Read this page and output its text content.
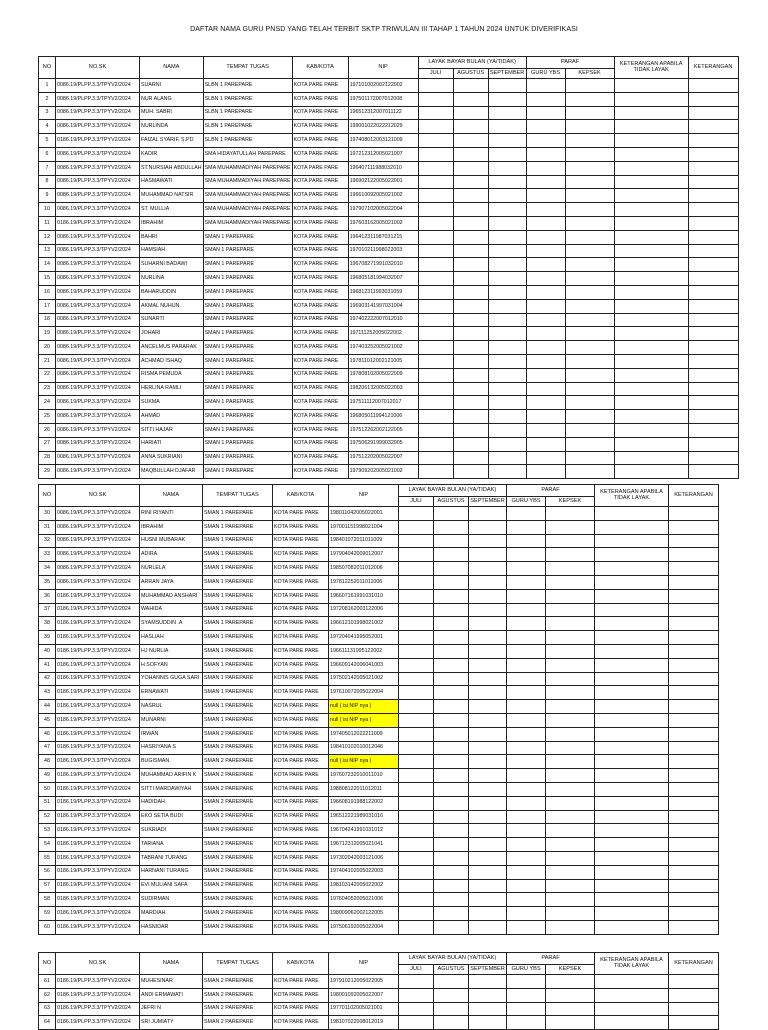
DAFTAR NAMA GURU PNSD YANG TELAH TERBIT SKTP TRIWULAN III TAHAP 1 TAHUN 2024 UNTUK DIVERIFIKASI
NO	NO.SK	NAMA	TEMPAT TUGAS	KAB/KOTA	NIP	LAYAK BAYAR BULAN (YA/TIDAK)			PARAF		KETERANGAN APABILA TIDAK LAYAK	KETERANGAN
						JULI	AGUSTUS	SEPTEMBER	GURU YBS	KEPSEK		
1	0086.19/PLPP.3.3/TPYV2/2024	SUARNI	SLBN 1 PAREPARE	KOTA PARE PARE	197101002002122002							
2	0086.19/PLPP.3.3/TPYV2/2024	NUR ALANG	SLBN 1 PAREPARE	KOTA PARE PARE	197501172007012008							
3	0086.19/PLPP.3.3/TPYV2/2024	MUH. SABRI	SLBN 1 PAREPARE	KOTA PARE PARE	196512312007011122							
4	0086.19/PLPP.3.3/TPYV2/2024	NURLINDA	SLBN 1 PAREPARE	KOTA PARE PARE	199001022022212029							
5	0186.19/PLPP.3.3/TPYV2/2024	FAIZAL SYARIF, S.PD	SLBN 1 PAREPARE	KOTA PARE PARE	197408012003121009							
6	0086.19/PLPP.3.3/TPYV2/2024	KADIR	SMA HIDAYATULLAH PAREPARE	KOTA PARE PARE	197212312005021007							
7	0086.19/PLPP.3.3/TPYV2/2024	ST.NURSIAH ABDULLAH	SMA MUHAMMADIYAH PAREPARE	KOTA PARE PARE	196407111988032010							
8	0086.19/PLPP.3.3/TPYV2/2024	HASMAWATI	SMA MUHAMMADIYAH PAREPARE	KOTA PARE PARE	196902122005022001							
9	0086.19/PLPP.3.3/TPYV2/2024	MUHAMMAD NATSIR	SMA MUHAMMADIYAH PAREPARE	KOTA PARE PARE	196610092005021002							
10	0086.19/PLPP.3.3/TPYV2/2024	ST. MULLIA	SMA MUHAMMADIYAH PAREPARE	KOTA PARE PARE	197907102005022004							
11	0186.19/PLPP.3.3/TPYV2/2024	IBRAHIM	SMA MUHAMMADIYAH PAREPARE	KOTA PARE PARE	197603162005021002							
12	0086.19/PLPP.3.3/TPYV2/2024	BAHRI	SMAN 1 PAREPARE	KOTA PARE PARE	196412311987031215							
13	0086.19/PLPP.3.3/TPYV2/2024	HAMSIAH	SMAN 1 PAREPARE	KOTA PARE PARE	197010211998022003							
14	0086.19/PLPP.3.3/TPYV2/2024	SUHARNI BADAWI	SMAN 1 PAREPARE	KOTA PARE PARE	196708271991032010							
15	0086.19/PLPP.3.3/TPYV2/2024	NURLINA	SMAN 1 PAREPARE	KOTA PARE PARE	196805181994032007							
16	0086.19/PLPP.3.3/TPYV2/2024	BAHARUDDIN	SMAN 1 PAREPARE	KOTA PARE PARE	196812311993031059							
17	0086.19/PLPP.3.3/TPYV2/2024	AKMAL NUHUN	SMAN 1 PAREPARE	KOTA PARE PARE	196903141997031004							
18	0086.19/PLPP.3.3/TPYV2/2024	SUNARTI	SMAN 1 PAREPARE	KOTA PARE PARE	197402222007012010							
19	0086.19/PLPP.3.3/TPYV2/2024	JOHARI	SMAN 1 PAREPARE	KOTA PARE PARE	197111252005022002							
20	0086.19/PLPP.3.3/TPYV2/2024	ANCELMUS PARARAK	SMAN 1 PAREPARE	KOTA PARE PARE	197403252005021002							
21	0086.19/PLPP.3.3/TPYV2/2024	ACHMAD ISHAQ	SMAN 1 PAREPARE	KOTA PARE PARE	197811012002121005							
22	0086.19/PLPP.3.3/TPYV2/2024	RISMA PEMUDA	SMAN 1 PAREPARE	KOTA PARE PARE	197808102005022009							
23	0086.19/PLPP.3.3/TPYV2/2024	HERLINA RAMLI	SMAN 1 PAREPARE	KOTA PARE PARE	198206132005022003							
24	0086.19/PLPP.3.3/TPYV2/2024	SUKMA	SMAN 1 PAREPARE	KOTA PARE PARE	197511112007012017							
25	0086.19/PLPP.3.3/TPYV2/2024	AHMAD	SMAN 1 PAREPARE	KOTA PARE PARE	196805011994121006							
26	0086.19/PLPP.3.3/TPYV2/2024	SITTI HAJAR	SMAN 1 PAREPARE	KOTA PARE PARE	197512262002122005							
27	0086.19/PLPP.3.3/TPYV2/2024	HARIATI	SMAN 1 PAREPARE	KOTA PARE PARE	197506291999032005							
28	0086.19/PLPP.3.3/TPYV2/2024	ANNA SUKRIANI	SMAN 1 PAREPARE	KOTA PARE PARE	197512202005022007							
29	0086.19/PLPP.3.3/TPYV2/2024	MAQBULLAH DJAFAR	SMAN 1 PAREPARE	KOTA PARE PARE	197909202005021002							
NO	NO.SK	NAMA	TEMPAT TUGAS	KAB/KOTA	NIP	LAYAK BAYAR BULAN (YA/TIDAK)			PARAF		KETERANGAN APABILA TIDAK LAYAK	KETERANGAN
						JULI	AGUSTUS	SEPTEMBER	GURU YBS	KEPSEK		
30	0086.19/PLPP.3.3/TPYV2/2024	RINI RIYANTI	SMAN 1 PAREPARE	KOTA PARE PARE	198011042005022001							
31	0086.19/PLPP.3.3/TPYV2/2024	IBRAHIM	SMAN 1 PAREPARE	KOTA PARE PARE	197001151998021004							
32	0086.19/PLPP.3.3/TPYV2/2024	HUSNI MUBARAK	SMAN 1 PAREPARE	KOTA PARE PARE	198401072011011009							
33	0086.19/PLPP.3.3/TPYV2/2024	ADIRA	SMAN 1 PAREPARE	KOTA PARE PARE	197904042009012007							
34	0086.19/PLPP.3.3/TPYV2/2024	NURLELA	SMAN 1 PAREPARE	KOTA PARE PARE	198507082011012006							
35	0086.19/PLPP.3.3/TPYV2/2024	ARRAN JAYA	SMAN 1 PAREPARE	KOTA PARE PARE	197812252011011006							
36	0186.19/PLPP.3.3/TPYV2/2024	MUHAMMAD ANSHARI	SMAN 1 PAREPARE	KOTA PARE PARE	196607161991031010							
37	0186.19/PLPP.3.3/TPYV2/2024	WAHIDA	SMAN 1 PAREPARE	KOTA PARE PARE	197208162003122006							
38	0186.19/PLPP.3.3/TPYV2/2024	SYAMSUDDIN .A	SMAN 1 PAREPARE	KOTA PARE PARE	196612101998021002							
39	0186.19/PLPP.3.3/TPYV2/2024	HASLIAH	SMAN 1 PAREPARE	KOTA PARE PARE	197204041995052001							
40	0186.19/PLPP.3.3/TPYV2/2024	HJ NURLIA	SMAN 1 PAREPARE	KOTA PARE PARE	196611131995122002							
41	0186.19/PLPP.3.3/TPYV2/2024	H.SOFYAN	SMAN 1 PAREPARE	KOTA PARE PARE	196609142006041003							
42	0186.19/PLPP.3.3/TPYV2/2024	YOHANNIS GUGA SARI	SMAN 1 PAREPARE	KOTA PARE PARE	197502142005021002							
43	0186.19/PLPP.3.3/TPYV2/2024	ERNAWATI	SMAN 1 PAREPARE	KOTA PARE PARE	197610072005022004							
44	0186.19/PLPP.3.3/TPYV2/2024	NASRUL	SMAN 1 PAREPARE	KOTA PARE PARE	null ( isi NIP nya )							
45	0186.19/PLPP.3.3/TPYV2/2024	MUNARNI	SMAN 1 PAREPARE	KOTA PARE PARE	null ( isi NIP nya )							
46	0186.19/PLPP.3.3/TPYV2/2024	IRWAN	SMAN 2 PAREPARE	KOTA PARE PARE	197405012022211009							
47	0186.19/PLPP.3.3/TPYV2/2024	HASRIYANA S	SMAN 2 PAREPARE	KOTA PARE PARE	198410102010012046							
48	0186.19/PLPP.3.3/TPYV2/2024	BUGISMAN	SMAN 2 PAREPARE	KOTA PARE PARE	null ( isi NIP nya )							
49	0186.19/PLPP.3.3/TPYV2/2024	MUHAMMAD ARIFIN K	SMAN 2 PAREPARE	KOTA PARE PARE	197607232010011010							
50	0186.19/PLPP.3.3/TPYV2/2024	SITTI MARDAWIYAH	SMAN 2 PAREPARE	KOTA PARE PARE	198808122011012011							
51	0186.19/PLPP.3.3/TPYV2/2024	HADIDAH	SMAN 2 PAREPARE	KOTA PARE PARE	196608191988122002							
52	0186.19/PLPP.3.3/TPYV2/2024	EKO SETIA BUDI	SMAN 2 PAREPARE	KOTA PARE PARE	196512221989031016							
53	0186.19/PLPP.3.3/TPYV2/2024	SUKRIADI	SMAN 2 PAREPARE	KOTA PARE PARE	196704241991031012							
54	0186.19/PLPP.3.3/TPYV2/2024	TARIANA	SMAN 2 PAREPARE	KOTA PARE PARE	196712312005021041							
55	0186.19/PLPP.3.3/TPYV2/2024	TABRANI TURANG	SMAN 2 PAREPARE	KOTA PARE PARE	197302042003121006							
56	0186.19/PLPP.3.3/TPYV2/2024	HARNANI TURANG	SMAN 2 PAREPARE	KOTA PARE PARE	197404102005022003							
57	0186.19/PLPP.3.3/TPYV2/2024	EVI MULIANI SAFA	SMAN 2 PAREPARE	KOTA PARE PARE	198103142005022002							
58	0186.19/PLPP.3.3/TPYV2/2024	SUDIRMAN	SMAN 2 PAREPARE	KOTA PARE PARE	197604052005021006							
59	0186.19/PLPP.3.3/TPYV2/2024	MARDIAH	SMAN 2 PAREPARE	KOTA PARE PARE	198009062002122005							
60	0186.19/PLPP.3.3/TPYV2/2024	HASNIDAR	SMAN 2 PAREPARE	KOTA PARE PARE	197506192005022004							
NO	NO.SK	NAMA	TEMPAT TUGAS	KAB/KOTA	NIP	LAYAK BAYAR BULAN (YA/TIDAK)			PARAF		KETERANGAN APABILA TIDAK LAYAK	KETERANGAN
						JULI	AGUSTUS	SEPTEMBER	GURU YBS	KEPSEK		
61	0186.19/PLPP.3.3/TPYV2/2024	MUHESINAR	SMAN 2 PAREPARE	KOTA PARE PARE	197910212005022005							
62	0186.19/PLPP.3.3/TPYV2/2024	ANDI ERMAWATI	SMAN 2 PAREPARE	KOTA PARE PARE	198001092005022007							
63	0186.19/PLPP.3.3/TPYV2/2024	JEFRI N	SMAN 2 PAREPARE	KOTA PARE PARE	197701102005021001							
64	0186.19/PLPP.3.3/TPYV2/2024	SRI JUMIATY	SMAN 2 PAREPARE	KOTA PARE PARE	198107022008012019							
